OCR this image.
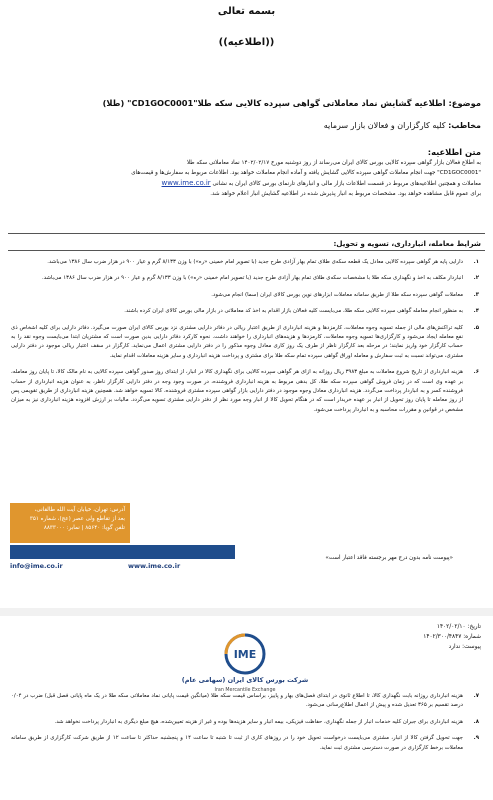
بسمه تعالی
((اطلاعیه))
موضوع: اطلاعیه گشایش نماد معاملاتی گواهی سپرده کالایی سکه طلا"CD1GOC0001" (طلا)
مخاطب: کلیه کارگزاران و فعالان بازار سرمایه
متن اطلاعیه:
به اطلاع فعالان بازار گواهی سپرده کالایی بورس کالای ایران می‌رساند از روز دوشنبه مورخ ۱۴۰۲/۰۲/۱۷ نماد معاملاتی سکه طلا
"CD1GOC0001" جهت انجام معاملات گواهی سپرده کالایی گشایش یافته و آماده انجام معاملات خواهد بود. اطلاعات مربوط به سفارش‌ها و قیمت‌های
معاملات و همچنین اطلاعیه‌های مربوط در قسمت اطلاعات بازار مالی و انبارهای تارنمای بورس کالای ایران به نشانی www.ime.co.ir
برای عموم قابل مشاهده خواهد بود. مشخصات مربوط به انبار پذیرش شده در اطلاعیه گشایش انبار اعلام خواهد شد.
شرایط معامله، انبارداری، تسویه و تحویل:
۱.
دارایی پایه هر گواهی سپرده کالایی معادل یک قطعه سکه‌ی طلای تمام بهار آزادی طرح جدید (با تصویر امام خمینی «ره») با وزن ۸/۱۳۳ گرم و عیار ۹۰۰ در هزار ضرب سال ۱۳۸۶ می‌باشد.
۲.
انباردار مکلف به اخذ و نگهداری سکه طلا با مشخصات سکه‌ی طلای تمام بهار آزادی طرح جدید (با تصویر امام خمینی «ره») با وزن ۸/۱۳۳ گرم و عیار ۹۰۰ در هزار ضرب سال ۱۳۸۶ می‌باشد.
۳.
معاملات گواهی سپرده سکه طلا از طریق سامانه معاملات ابزارهای نوین بورس کالای ایران (سما) انجام می‌شود.
۴.
به منظور انجام معامله گواهی سپرده کالایی سکه طلا، می‌بایست کلیه فعالان بازار اقدام به اخذ کد معاملاتی در بازار مالی بورس کالای ایران کرده باشند.
۵.
کلیه تراکنش‌های مالی از جمله تسویه وجوه معاملات، کارمزدها و هزینه انبارداری از طریق اعتبار ریالی در دفاتر دارایی مشتری نزد بورس کالای ایران صورت می‌گیرد. دفاتر دارایی برای کلیه اشخاص ذی نفع معامله ایجاد می‌شود و کارگزاری‌ها تسویه وجوه معاملات، کارمزدها و هزینه‌های انبارداری را خواهند داشت. نحوه کارکرد دفاتر دارایی بدین صورت است که مشتریان ابتدا می‌بایست وجوه نقد را به حساب کارگزار خود واریز نمایند؛ در مرحله بعد کارگزار ناظر از طرف یک روز کاری معادل وجوه مذکور را در دفتر دارایی مشتری اعمال می‌نماید. کارگزار در سقف اعتبار ریالی موجود در دفتر دارایی مشتری، می‌تواند نسبت به ثبت سفارش و معامله اوراق گواهی سپرده تمام سکه طلا برای مشتری و پرداخت هزینه انبارداری و سایر هزینه معاملات اقدام نماید.
۶.
هزینه انبارداری از تاریخ شروع معاملات به مبلغ ۳۹۸۳ ریال روزانه به ازای هر گواهی سپرده کالایی برای نگهداری کالا در انبار، از ابتدای روز صدور گواهی سپرده کالایی به نام مالک کالا، تا پایان روز معامله، بر عهده وی است که در زمان فروش گواهی سپرده سکه طلا، کل بدهی مربوط به هزینه انبارداری فروشنده، در صورت وجود وجه در دفتر دارایی کارگزار ناظر، به عنوان هزینه انبارداری از حساب فروشنده کسر و به انباردار پرداخت می‌گردد. هزینه انبارداری معادل وجوه موجود در دفتر دارایی بازار گواهی سپرده مشتری فروشنده، کالا تسویه خواهد شد. همچنین هزینه انبارداری از طریق تقویمی پس از روز معامله تا پایان روز تحویل از انبار بر عهده خریدار است که در هنگام تحویل کالا از انبار وجه مورد نظر از دفتر دارایی مشتری تسویه می‌گردد. مالیات بر ارزش افزوده هزینه انبارداری نیز به میزان مشخص در قوانین و مقررات محاسبه و به انباردار پرداخت می‌شود.
«پیوست نامه بدون درج مهر برجسته فاقد اعتبار است»
آدرس: تهران، خیابان آیت الله طالقانی،
بعد از تقاطع ولی عصر (عج)، شماره ۳۵۱
تلفن گویا: ۸۵۶۴۰ | نمابر: ۸۸۳۳۰۰۰
info@ime.co.ir	www.ime.co.ir
تاریخ: ۱۴۰۲/۰۲/۱۰
شماره: ۱۴۰۲/۳۰۰/۴۸۴۷
پیوست: ندارد
IME
شرکت بورس کالای ایران (سهامی عام)
Iran Mercantile Exchange
۷.
هزینه انبارداری روزانه بابت نگهداری کالا، تا اطلاع ثانوی در ابتدای فصل‌های بهار و پاییز، براساس قیمت سکه طلا (میانگین قیمت پایانی نماد معاملاتی سکه طلا در یک ماه پایانی فصل قبل) ضرب در ۰/۰۴ درصد تقسیم بر ۳۶۵ تعدیل شده و پیش از اعمال اطلاع‌رسانی می‌شود.
۸.
هزینه انبارداری برای جبران کلیه خدمات انبار از جمله نگهداری، حفاظت فیزیکی، بیمه انبار و سایر هزینه‌ها بوده و غیر از هزینه تعیین‌شده، هیچ مبلغ دیگری به انباردار پرداخت نخواهد شد.
۹.
جهت تحویل گرفتن کالا از انبار، مشتری می‌بایست درخواست تحویل خود را در روزهای کاری از ثبت تا شنبه تا ساعت ۱۴ و پنجشنبه حداکثر تا ساعت ۱۲ از طریق شرکت کارگزاری از طریق سامانه معاملات برخط کارگزاری در صورت دسترسی مشتری ثبت نماید.
